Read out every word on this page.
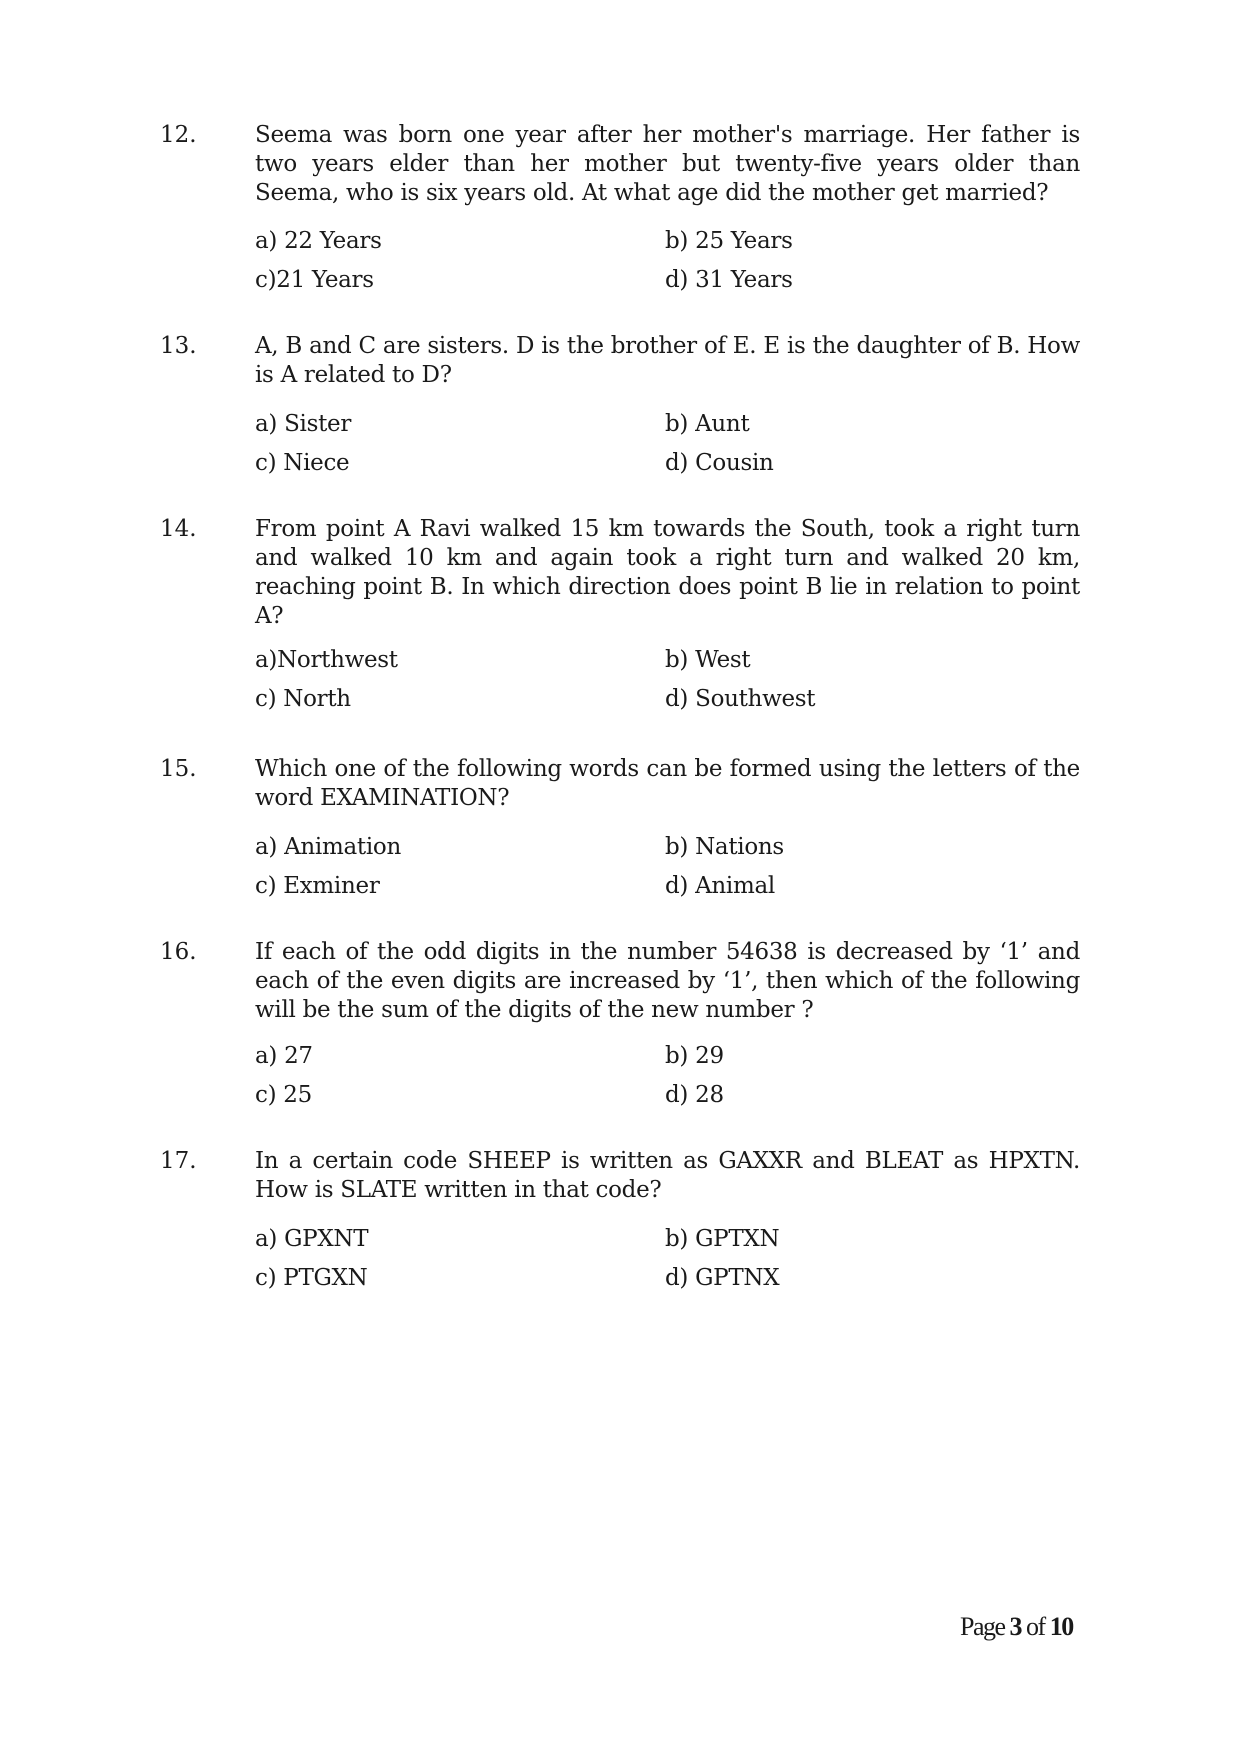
12.	Seema was born one year after her mother's marriage. Her father is two years elder than her mother but twenty-five years older than Seema, who is six years old. At what age did the mother get married?
a) 22 Years	b) 25 Years
c)21 Years	d) 31 Years
13.	A, B and C are sisters. D is the brother of E. E is the daughter of B. How is A related to D?
a) Sister	b) Aunt
c) Niece	d) Cousin
14.	From point A Ravi walked 15 km towards the South, took a right turn and walked 10 km and again took a right turn and walked 20 km, reaching point B. In which direction does point B lie in relation to point A?
a)Northwest	b) West
c) North	d) Southwest
15.	Which one of the following words can be formed using the letters of the word EXAMINATION?
a) Animation	b) Nations
c) Exminer	d) Animal
16.	If each of the odd digits in the number 54638 is decreased by ‘1’ and each of the even digits are increased by ‘1’, then which of the following will be the sum of the digits of the new number ?
a) 27	b) 29
c) 25	d) 28
17.	In a certain code SHEEP is written as GAXXR and BLEAT as HPXTN. How is SLATE written in that code?
a) GPXNT	b) GPTXN
c) PTGXN	d) GPTNX
Page 3 of 10
